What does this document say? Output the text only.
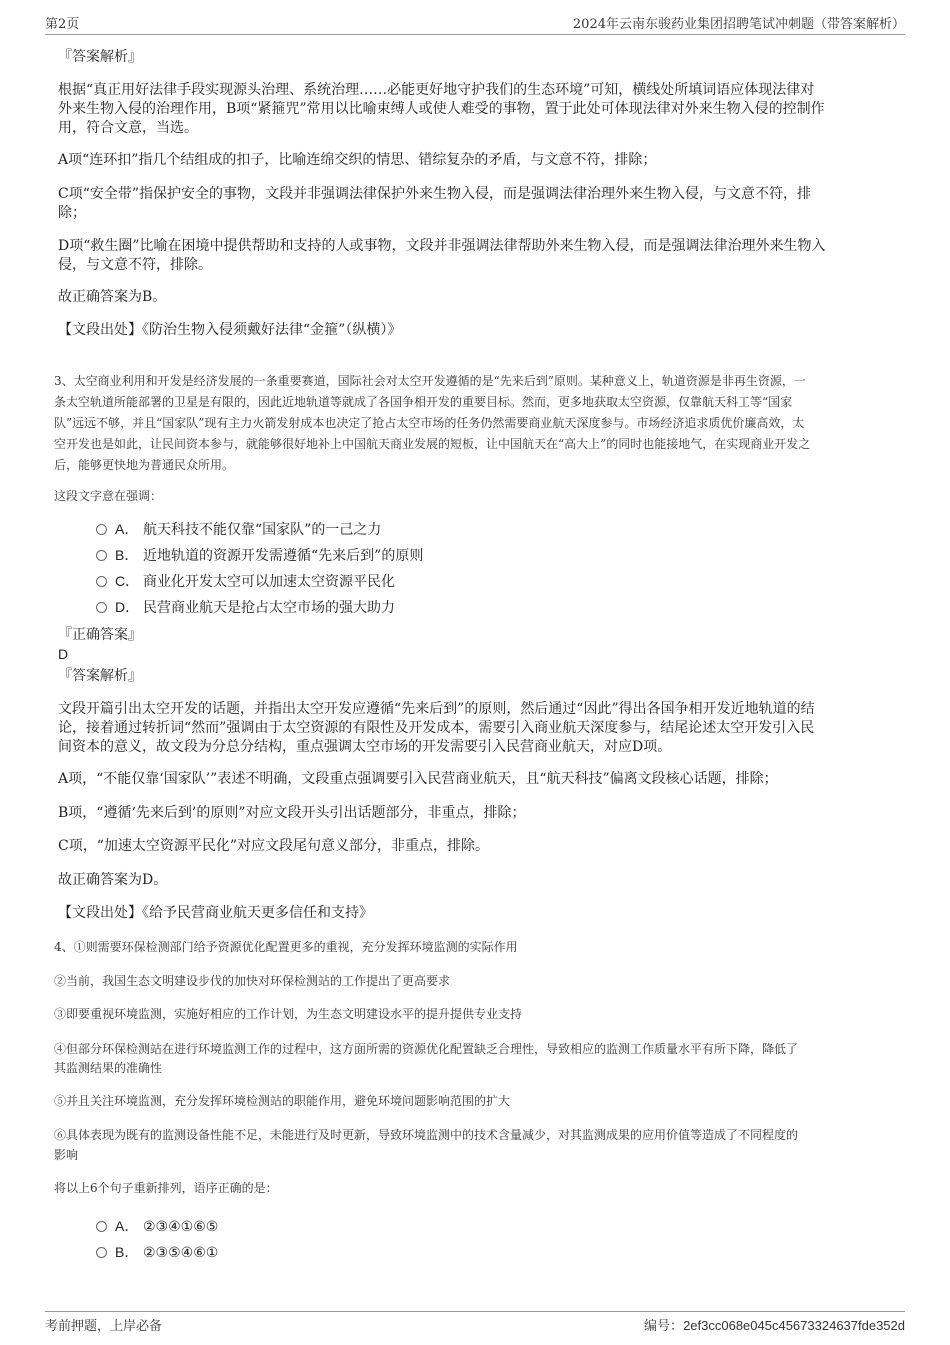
第2页	2024年云南东骏药业集团招聘笔试冲刺题（带答案解析）
『答案解析』
根据“真正用好法律手段实现源头治理、系统治理……必能更好地守护我们的生态环境”可知，横线处所填词语应体现法律对
外来生物入侵的治理作用，B项“紧箍咒”常用以比喻束缚人或使人难受的事物，置于此处可体现法律对外来生物入侵的控制作
用，符合文意，当选。
A项“连环扣”指几个结组成的扣子，比喻连绵交织的情思、错综复杂的矛盾，与文意不符，排除；
C项“安全带”指保护安全的事物，文段并非强调法律保护外来生物入侵，而是强调法律治理外来生物入侵，与文意不符，排
除；
D项“救生圈”比喻在困境中提供帮助和支持的人或事物，文段并非强调法律帮助外来生物入侵，而是强调法律治理外来生物入
侵，与文意不符，排除。
故正确答案为B。
【文段出处】《防治生物入侵须戴好法律“金箍”（纵横）》
3、太空商业利用和开发是经济发展的一条重要赛道，国际社会对太空开发遵循的是“先来后到”原则。某种意义上，轨道资源是非再生资源，一
条太空轨道所能部署的卫星是有限的，因此近地轨道等就成了各国争相开发的重要目标。然而，更多地获取太空资源，仅靠航天科工等“国家
队”远远不够，并且“国家队”现有主力火箭发射成本也决定了抢占太空市场的任务仍然需要商业航天深度参与。市场经济追求质优价廉高效，太
空开发也是如此，让民间资本参与，就能够很好地补上中国航天商业发展的短板，让中国航天在“高大上”的同时也能接地气，在实现商业开发之
后，能够更快地为普通民众所用。
这段文字意在强调：
A． 航天科技不能仅靠“国家队”的一己之力
B． 近地轨道的资源开发需遵循“先来后到”的原则
C． 商业化开发太空可以加速太空资源平民化
D． 民营商业航天是抢占太空市场的强大助力
『正确答案』
D
『答案解析』
文段开篇引出太空开发的话题，并指出太空开发应遵循“先来后到”的原则，然后通过“因此”得出各国争相开发近地轨道的结
论，接着通过转折词“然而”强调由于太空资源的有限性及开发成本，需要引入商业航天深度参与，结尾论述太空开发引入民
间资本的意义，故文段为分总分结构，重点强调太空市场的开发需要引入民营商业航天，对应D项。
A项，“不能仅靠‘国家队’”表述不明确，文段重点强调要引入民营商业航天，且“航天科技”偏离文段核心话题，排除；
B项，“遵循‘先来后到’的原则”对应文段开头引出话题部分，非重点，排除；
C项，“加速太空资源平民化”对应文段尾句意义部分，非重点，排除。
故正确答案为D。
【文段出处】《给予民营商业航天更多信任和支持》
4、①则需要环保检测部门给予资源优化配置更多的重视，充分发挥环境监测的实际作用
②当前，我国生态文明建设步伐的加快对环保检测站的工作提出了更高要求
③即要重视环境监测，实施好相应的工作计划，为生态文明建设水平的提升提供专业支持
④但部分环保检测站在进行环境监测工作的过程中，这方面所需的资源优化配置缺乏合理性，导致相应的监测工作质量水平有所下降，降低了
其监测结果的准确性
⑤并且关注环境监测，充分发挥环境检测站的职能作用，避免环境问题影响范围的扩大
⑥具体表现为既有的监测设备性能不足，未能进行及时更新，导致环境监测中的技术含量减少，对其监测成果的应用价值等造成了不同程度的
影响
将以上6个句子重新排列，语序正确的是：
A． ②③④①⑥⑤
B． ②③⑤④⑥①
考前押题，上岸必备	编号：2ef3cc068e045c45673324637fde352d
